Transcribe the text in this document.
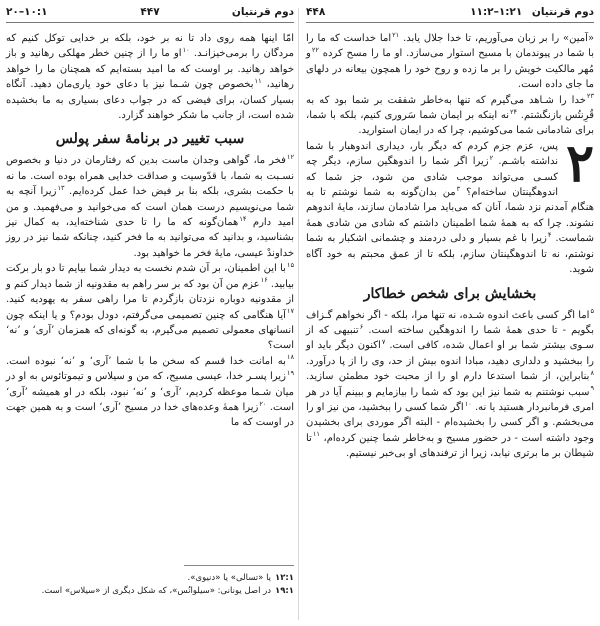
دوم قرنتیان ۱:۲۱–۱۱:۲
۴۴۸

«آمین» را بر زبان می‌آوریم، تا خدا جلال یابد. $^{۲۱}$اما خداست که ما را با شما در پیوندمان با مسیح استوار می‌سازد. او ما را مسح کرده $^{۲۲}$و مُهر مالکیت خویش را بر ما زده و روح خود را همچون بیعانه در دلهای ما جای داده است.

$^{۲۳}$خدا را شـاهد می‌گیرم که تنها به‌خاطر شفقت بر شما بود که به قُرِنتُس بازنگشتم. $^{۲۴}$نه اینکه بر ایمان شما سَروری کنیم، بلکه با شما، برای شادمانی شما می‌کوشیم، چرا که در ایمان استوارید.

۲

پس، عزم جزم کردم که دیگر بار، دیداری اندوهبار با شما نداشته باشـم. $^۲$زیرا اگر شما را اندوهگین سازم، دیگر چه کسـی می‌تواند موجب شادی من شود، جز شما که اندوهگینتان ساخته‌ام؟ $^۳$من بدان‌گونه به شما نوشتم تا به هنگام آمدنم نزد شما، آنان که می‌باید مرا شادمان سازند، مایۀ اندوهم نشوند. چرا که به همۀ شما اطمینان داشتم که شادی من شادی همۀ شماست. $^۴$زیرا با غم بسیار و دلی دردمند و چشمانی اشکبار به شما نوشتم، نه تا اندوهگینتان سازم، بلکه تا از عمق محبتم به خود آگاه شوید.

بخشایش برای شخص خطاکار

$^۵$اما اگر کسی باعث اندوه شـده، نه تنها مرا، بلکه - اگر نخواهم گـزاف بگویم - تا حدی همۀ شما را اندوهگین ساخته است. $^۶$تنبیهی که از سـوی بیشتر شما بر او اعمال شده، کافی است. $^۷$اکنون دیگر باید او را ببخشید و دلداری دهید، مبادا اندوه بیش از حد، وی را از پا درآورد. $^۸$بنابراین، از شما استدعا دارم او را از محبت خود مطمئن سازید. $^۹$سبب نوشتنم به شما نیز این بود که شما را بیازمایم و ببینم آیا در هر امری فرمانبردار هستید یا نه. $^{۱۰}$اگر شما کسی را ببخشید، من نیز او را می‌بخشم. و اگر کسی را بخشیده‌ام - البته اگر موردی برای بخشیدن وجود داشته است - در حضور مسیح و به‌خاطر شما چنین کرده‌ام، $^{۱۱}$تا شیطان بر ما برتری نیابد، زیرا از ترفندهای او بی‌خبر نیستیم.

دوم قرنتیان
۴۴۷
۱۰:۱–۲۰

امّا اینها همه روی داد تا نه بر خود، بلکه بر خدایی توکل کنیم که مردگان را برمی‌خیزانـد. $^{۱۰}$او ما را از چنین خطر مهلکی رهانید و باز خواهد رهانید. بر اوست که ما امید بسته‌ایم که همچنان ما را خواهد رهانید، $^{۱۱}$بخصوص چون شـما نیز با دعای خود یاری‌مان دهید. آنگاه بسیار کسان، برای فیضی که در جواب دعای بسیاری به ما بخشیده شده است، از جانب ما شکر خواهند گزارد.

سبب تغییر در برنامۀ سفر پولس

$^{۱۲}$فخر ما، گواهی وجدان ماست بدین که رفتارمان در دنیا و بخصوص نسـبت به شما، با قدّوسیت و صداقت خدایی همراه بوده است. ما نه با حکمت بشری، بلکه بنا بر فیض خدا عمل کرده‌ایم. $^{۱۳}$زیرا آنچه به شما می‌نویسیم درست همان است که می‌خوانید و می‌فهمید. و من امید دارم $^{۱۴}$همان‌گونه که ما را تا حدی شناخته‌اید، به کمال نیز بشناسید، و بدانید که می‌توانید به ما فخر کنید، چنانکه شما نیز در روز خداوندْ عیسی، مایۀ فخر ما خواهید بود.

$^{۱۵}$با این اطمینان، بر آن شدم نخست به دیدار شما بیایم تا دو بار برکت بیابید. $^{۱۶}$عزم من آن بود که بر سر راهم به مقدونیه از شما دیدار کنم و از مقدونیه دوباره نزدتان بازگردم تا مرا راهی سفر به یهودیه کنید. $^{۱۷}$آیا هنگامی که چنین تصمیمی می‌گرفتم، دودل بودم؟ و یا اینکه چون انسانهای معمولی تصمیم می‌گیرم، به گونه‌ای که همزمان ’آری‘ و ’نه‘ است؟

$^{۱۸}$به امانت خدا قسم که سخن ما با شما ’آری‘ و ’نه‘ نبوده است. $^{۱۹}$زیرا پسـر خدا، عیسی مسیح، که من و سیلاس و تیموتائوس به او در میان شـما موعظه کردیم، ’آری‘ و ’نه‘ نبود، بلکه در او همیشه ’آری‘ است. $^{۲۰}$زیرا همۀ وعده‌های خدا در مسیح ’آری‘ است و به همین جهت در اوست که ما

۱۲:۱یا «تسالی» یا «دنیوی».
۱۹:۱در اصل یونانی: «سیلوانُس»، که شکل دیگری از «سیلاس» است.
